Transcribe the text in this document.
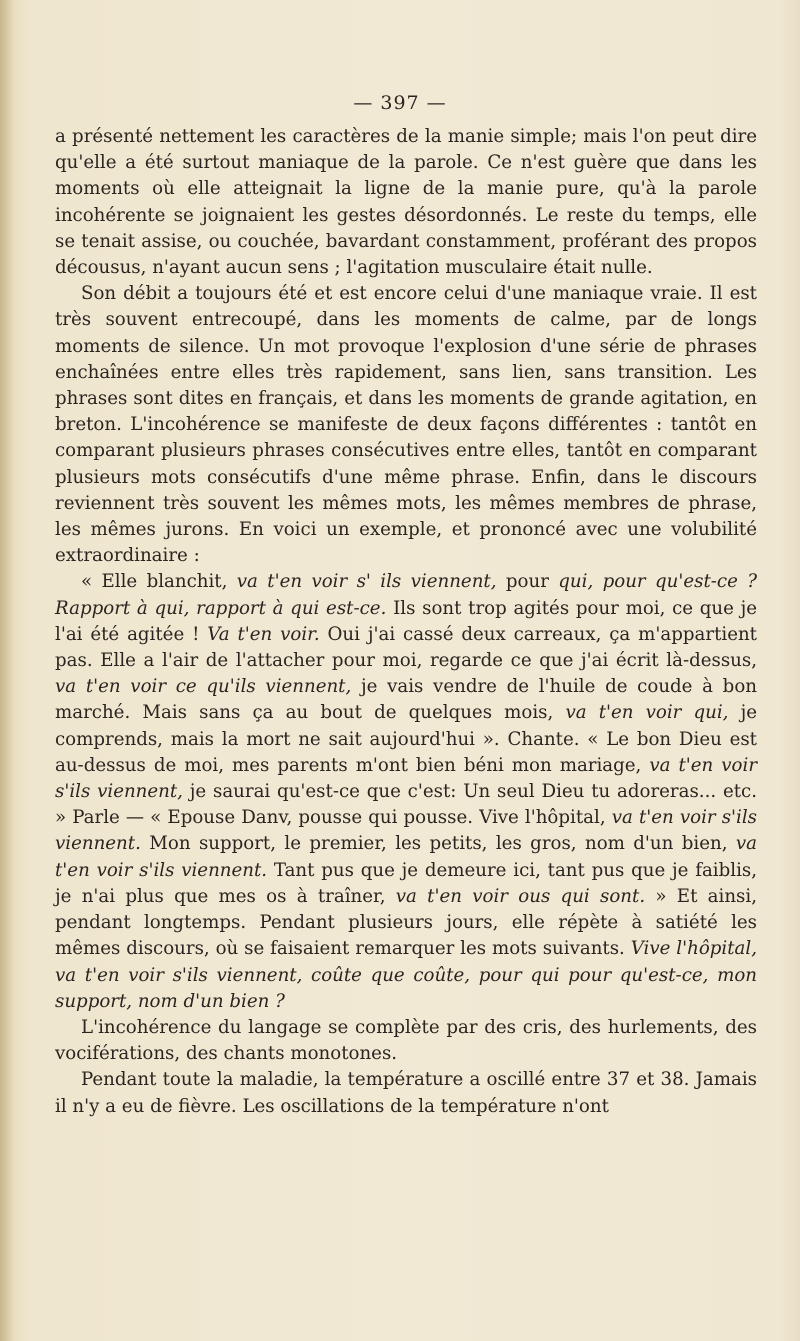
— 397 —

a présenté nettement les caractères de la manie simple; mais l'on peut dire qu'elle a été surtout maniaque de la parole. Ce n'est guère que dans les moments où elle atteignait la ligne de la manie pure, qu'à la parole incohérente se joignaient les gestes désordonnés. Le reste du temps, elle se tenait assise, ou couchée, bavardant constamment, proférant des propos décousus, n'ayant aucun sens ; l'agitation musculaire était nulle.

Son débit a toujours été et est encore celui d'une maniaque vraie. Il est très souvent entrecoupé, dans les moments de calme, par de longs moments de silence. Un mot provoque l'explosion d'une série de phrases enchaînées entre elles très rapidement, sans lien, sans transition. Les phrases sont dites en français, et dans les moments de grande agitation, en breton. L'incohérence se manifeste de deux façons différentes : tantôt en comparant plusieurs phrases consécutives entre elles, tantôt en comparant plusieurs mots consécutifs d'une même phrase. Enfin, dans le discours reviennent très souvent les mêmes mots, les mêmes membres de phrase, les mêmes jurons. En voici un exemple, et prononcé avec une volubilité extraordinaire :

« Elle blanchit, va t'en voir s' ils viennent, pour qui, pour qu'est-ce ? Rapport à qui, rapport à qui est-ce. Ils sont trop agités pour moi, ce que je l'ai été agitée ! Va t'en voir. Oui j'ai cassé deux carreaux, ça m'appartient pas. Elle a l'air de l'attacher pour moi, regarde ce que j'ai écrit là-dessus, va t'en voir ce qu'ils viennent, je vais vendre de l'huile de coude à bon marché. Mais sans ça au bout de quelques mois, va t'en voir qui, je comprends, mais la mort ne sait aujourd'hui ». Chante. « Le bon Dieu est au-dessus de moi, mes parents m'ont bien béni mon mariage, va t'en voir s'ils viennent, je saurai qu'est-ce que c'est: Un seul Dieu tu adoreras... etc. » Parle — « Epouse Danv, pousse qui pousse. Vive l'hôpital, va t'en voir s'ils viennent. Mon support, le premier, les petits, les gros, nom d'un bien, va t'en voir s'ils viennent. Tant pus que je demeure ici, tant pus que je faiblis, je n'ai plus que mes os à traîner, va t'en voir ous qui sont. » Et ainsi, pendant longtemps. Pendant plusieurs jours, elle répète à satiété les mêmes discours, où se faisaient remarquer les mots suivants. Vive l'hôpital, va t'en voir s'ils viennent, coûte que coûte, pour qui pour qu'est-ce, mon support, nom d'un bien ?

L'incohérence du langage se complète par des cris, des hurlements, des vociférations, des chants monotones.

Pendant toute la maladie, la température a oscillé entre 37 et 38. Jamais il n'y a eu de fièvre. Les oscillations de la température n'ont
